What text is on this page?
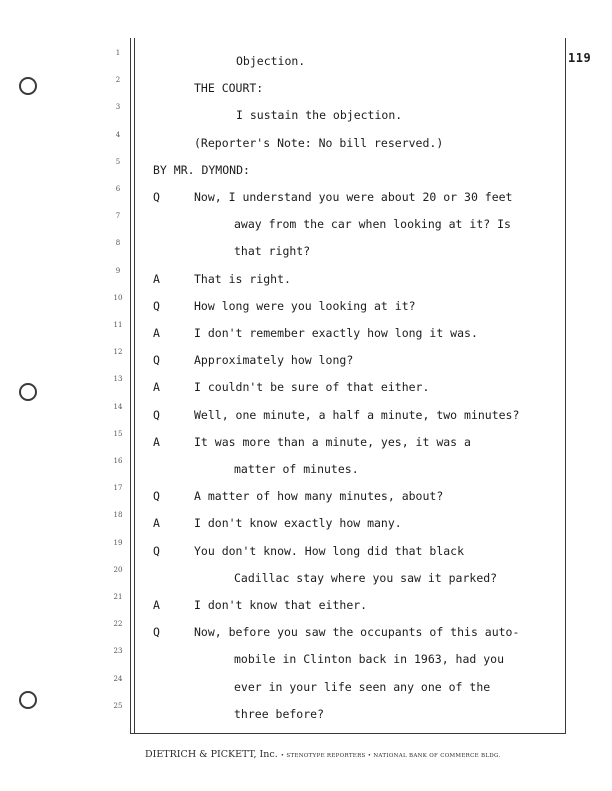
119
1
Objection.
2
THE COURT:
3
I sustain the objection.
4
(Reporter's Note: No bill reserved.)
5
BY MR. DYMOND:
6
Q	Now, I understand you were about 20 or 30 feet
7
away from the car when looking at it? Is
8
that right?
9
A	That is right.
10
Q	How long were you looking at it?
11
A	I don't remember exactly how long it was.
12
Q	Approximately how long?
13
A	I couldn't be sure of that either.
14
Q	Well, one minute, a half a minute, two minutes?
15
A	It was more than a minute, yes, it was a
16
matter of minutes.
17
Q	A matter of how many minutes, about?
18
A	I don't know exactly how many.
19
Q	You don't know. How long did that black
20
Cadillac stay where you saw it parked?
21
A	I don't know that either.
22
Q	Now, before you saw the occupants of this auto-
23
mobile in Clinton back in 1963, had you
24
ever in your life seen any one of the
25
three before?
DIETRICH & PICKETT, Inc. • STENOTYPE REPORTERS • NATIONAL BANK OF COMMERCE BLDG.
